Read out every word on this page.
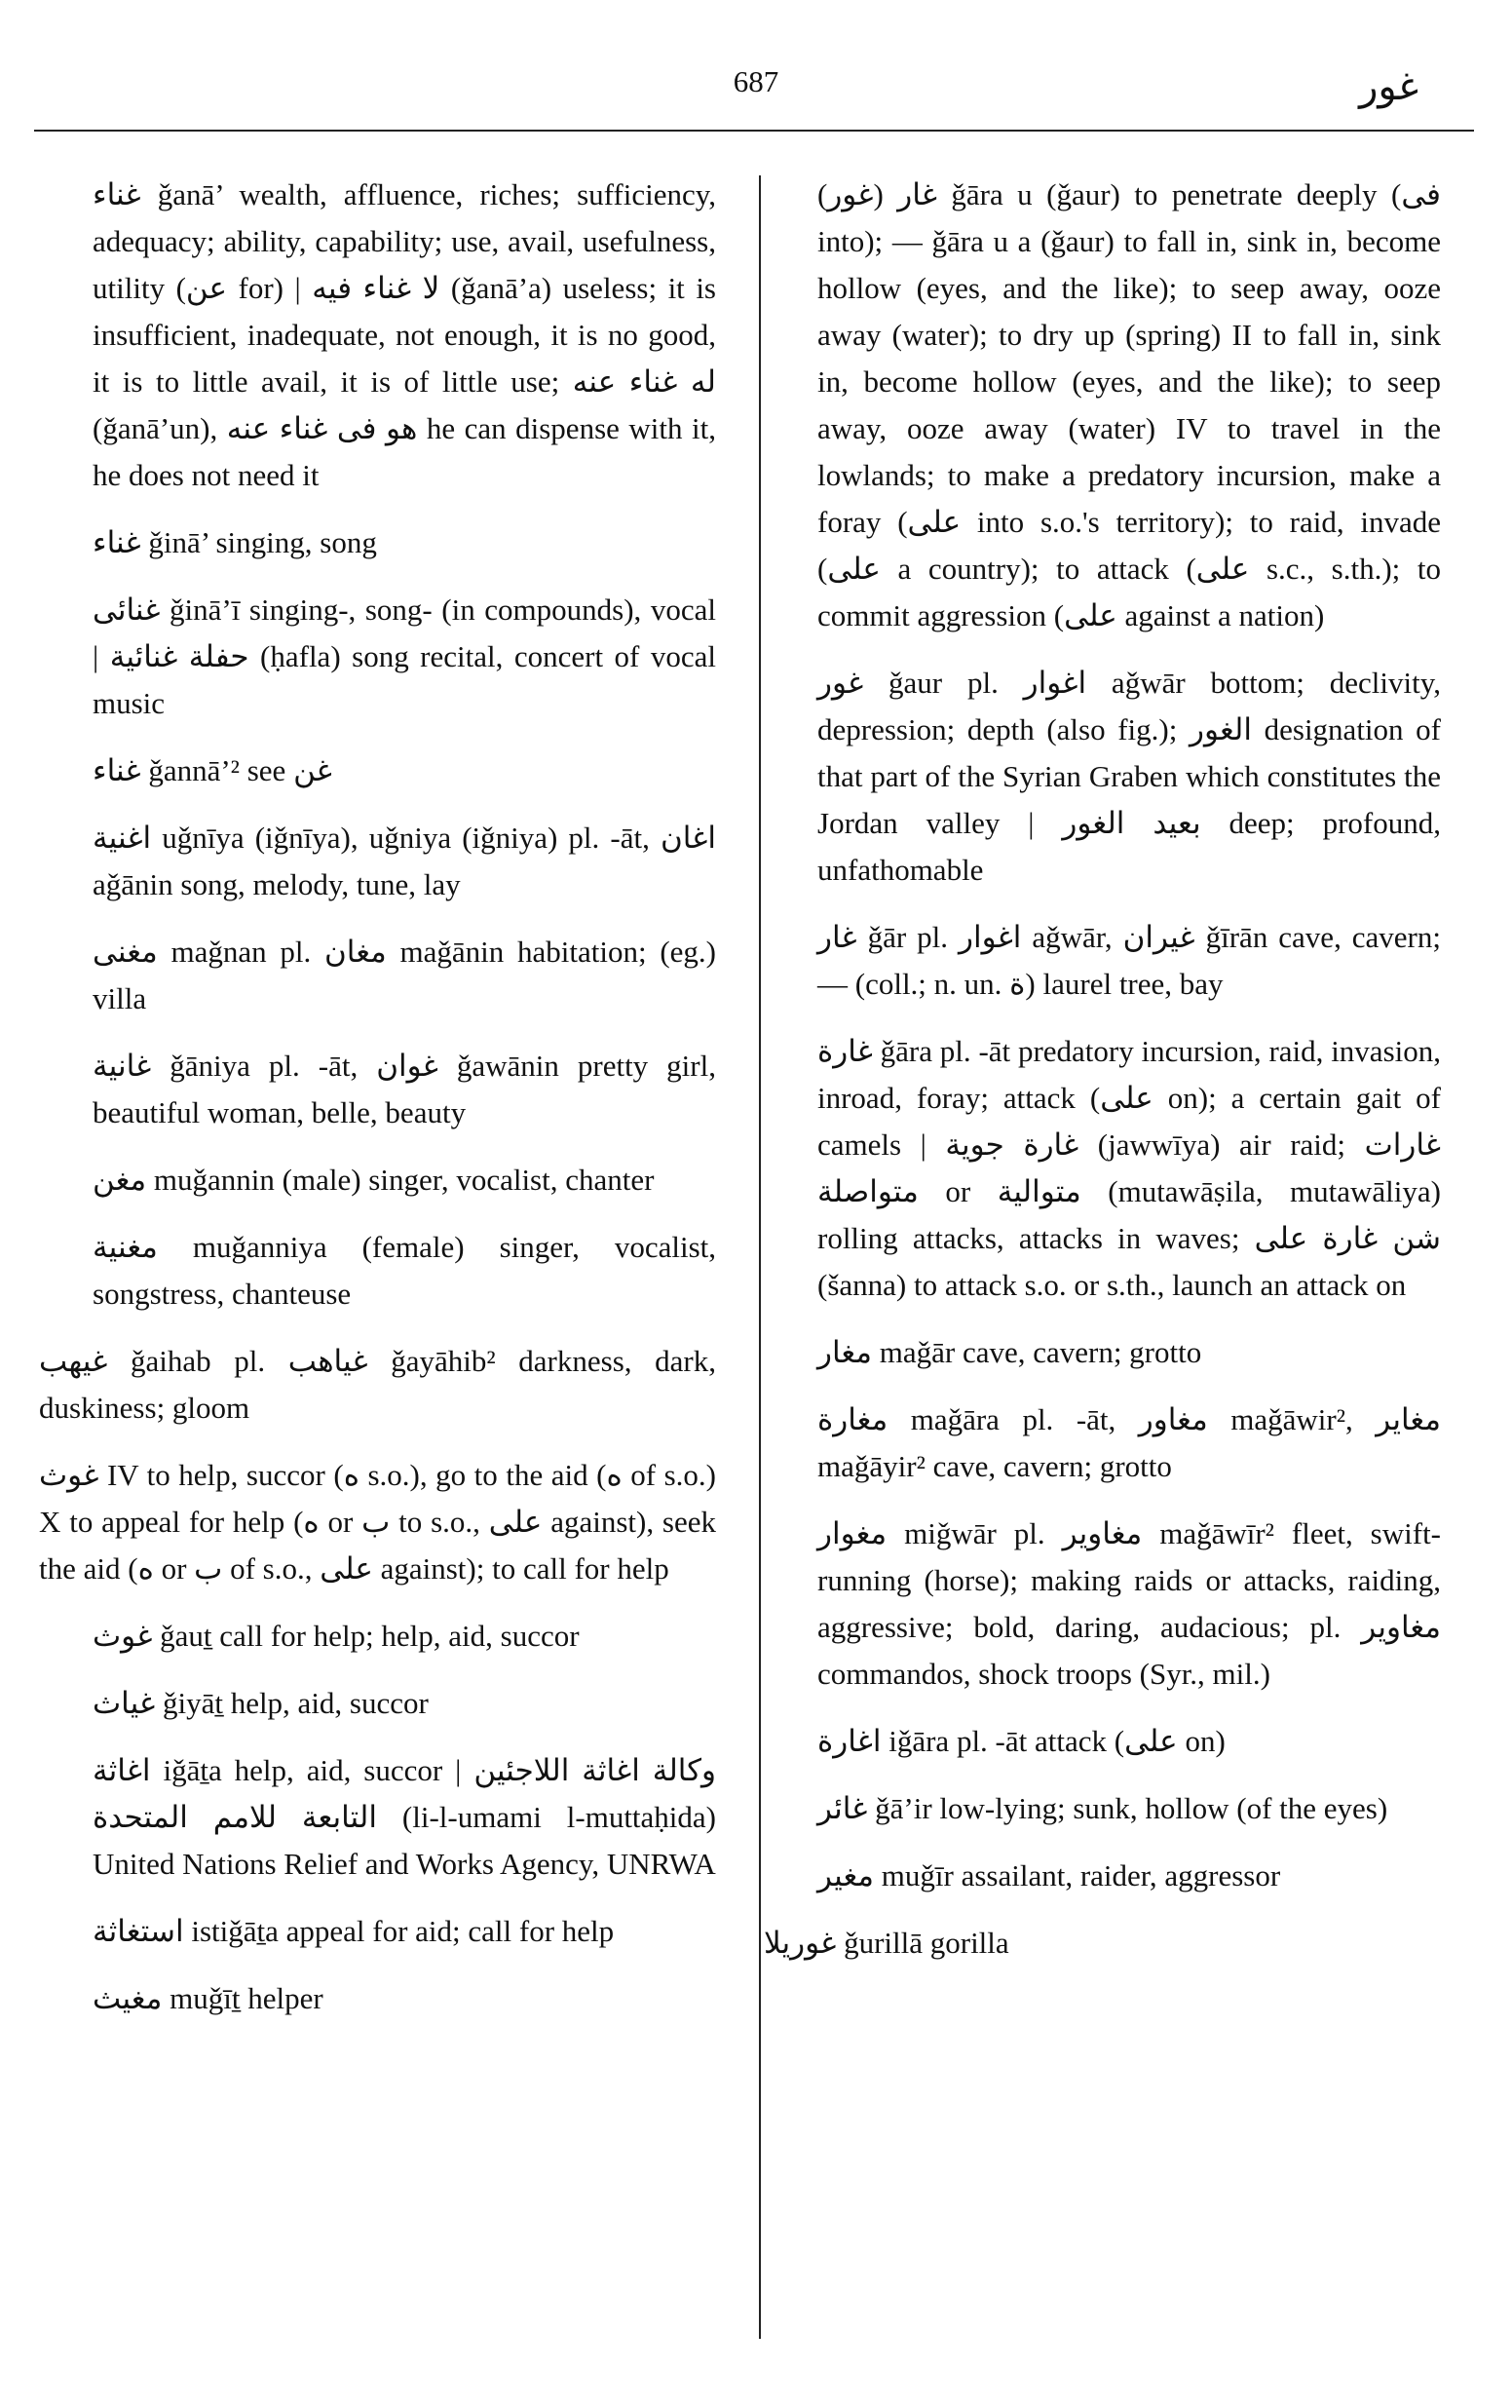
687	غور

غناء ǧanā’ wealth, affluence, riches; sufficiency, adequacy; ability, capability; use, avail, usefulness, utility (عن for) | لا غناء فيه (ǧanā’a) useless; it is insufficient, inadequate, not enough, it is no good, it is to little avail, it is of little use; له غناء عنه (ǧanā’un), هو فى غناء عنه he can dispense with it, he does not need it

غناء ǧinā’ singing, song

غنائى ǧinā’ī singing-, song- (in compounds), vocal | حفلة غنائية (ḥafla) song recital, concert of vocal music

غناء ǧannā’² see غن

اغنية uǧnīya (iǧnīya), uǧniya (iǧniya) pl. -āt, اغان aǧānin song, melody, tune, lay

مغنى maǧnan pl. مغان maǧānin habitation; (eg.) villa

غانية ǧāniya pl. -āt, غوان ǧawānin pretty girl, beautiful woman, belle, beauty

مغن muǧannin (male) singer, vocalist, chanter

مغنية muǧanniya (female) singer, vocalist, songstress, chanteuse

غيهب ǧaihab pl. غياهب ǧayāhib² darkness, dark, duskiness; gloom

غوث IV to help, succor (ه s.o.), go to the aid (ه of s.o.) X to appeal for help (ه or ب to s.o., على against), seek the aid (ه or ب of s.o., على against); to call for help

غوث ǧauṯ call for help; help, aid, succor

غياث ǧiyāṯ help, aid, succor

اغاثة iǧāṯa help, aid, succor | وكالة اغاثة اللاجئين التابعة للامم المتحدة (li-l-umami l-muttaḥida) United Nations Relief and Works Agency, UNRWA

استغاثة istiǧāṯa appeal for aid; call for help

مغيث muǧīṯ helper

غار (غور) ǧāra u (ǧaur) to penetrate deeply (فى into); — ǧāra u a (ǧaur) to fall in, sink in, become hollow (eyes, and the like); to seep away, ooze away (water); to dry up (spring) II to fall in, sink in, become hollow (eyes, and the like); to seep away, ooze away (water) IV to travel in the lowlands; to make a predatory incursion, make a foray (على into s.o.'s territory); to raid, invade (على a country); to attack (على s.c., s.th.); to commit aggression (على against a nation)

غور ǧaur pl. اغوار aǧwār bottom; declivity, depression; depth (also fig.); الغور designation of that part of the Syrian Graben which constitutes the Jordan valley | بعيد الغور deep; profound, unfathomable

غار ǧār pl. اغوار aǧwār, غيران ǧīrān cave, cavern; — (coll.; n. un. ة) laurel tree, bay

غارة ǧāra pl. -āt predatory incursion, raid, invasion, inroad, foray; attack (على on); a certain gait of camels | غارة جوية (jawwīya) air raid; غارات متواصلة or متوالية (mutawāṣila, mutawāliya) rolling attacks, attacks in waves; شن غارة على (šanna) to attack s.o. or s.th., launch an attack on

مغار maǧār cave, cavern; grotto

مغارة maǧāra pl. -āt, مغاور maǧāwir², مغاير maǧāyir² cave, cavern; grotto

مغوار miǧwār pl. مغاوير maǧāwīr² fleet, swift-running (horse); making raids or attacks, raiding, aggressive; bold, daring, audacious; pl. مغاوير commandos, shock troops (Syr., mil.)

اغارة iǧāra pl. -āt attack (على on)

غائر ǧā’ir low-lying; sunk, hollow (of the eyes)

مغير muǧīr assailant, raider, aggressor

غوريلا ǧurillā gorilla
